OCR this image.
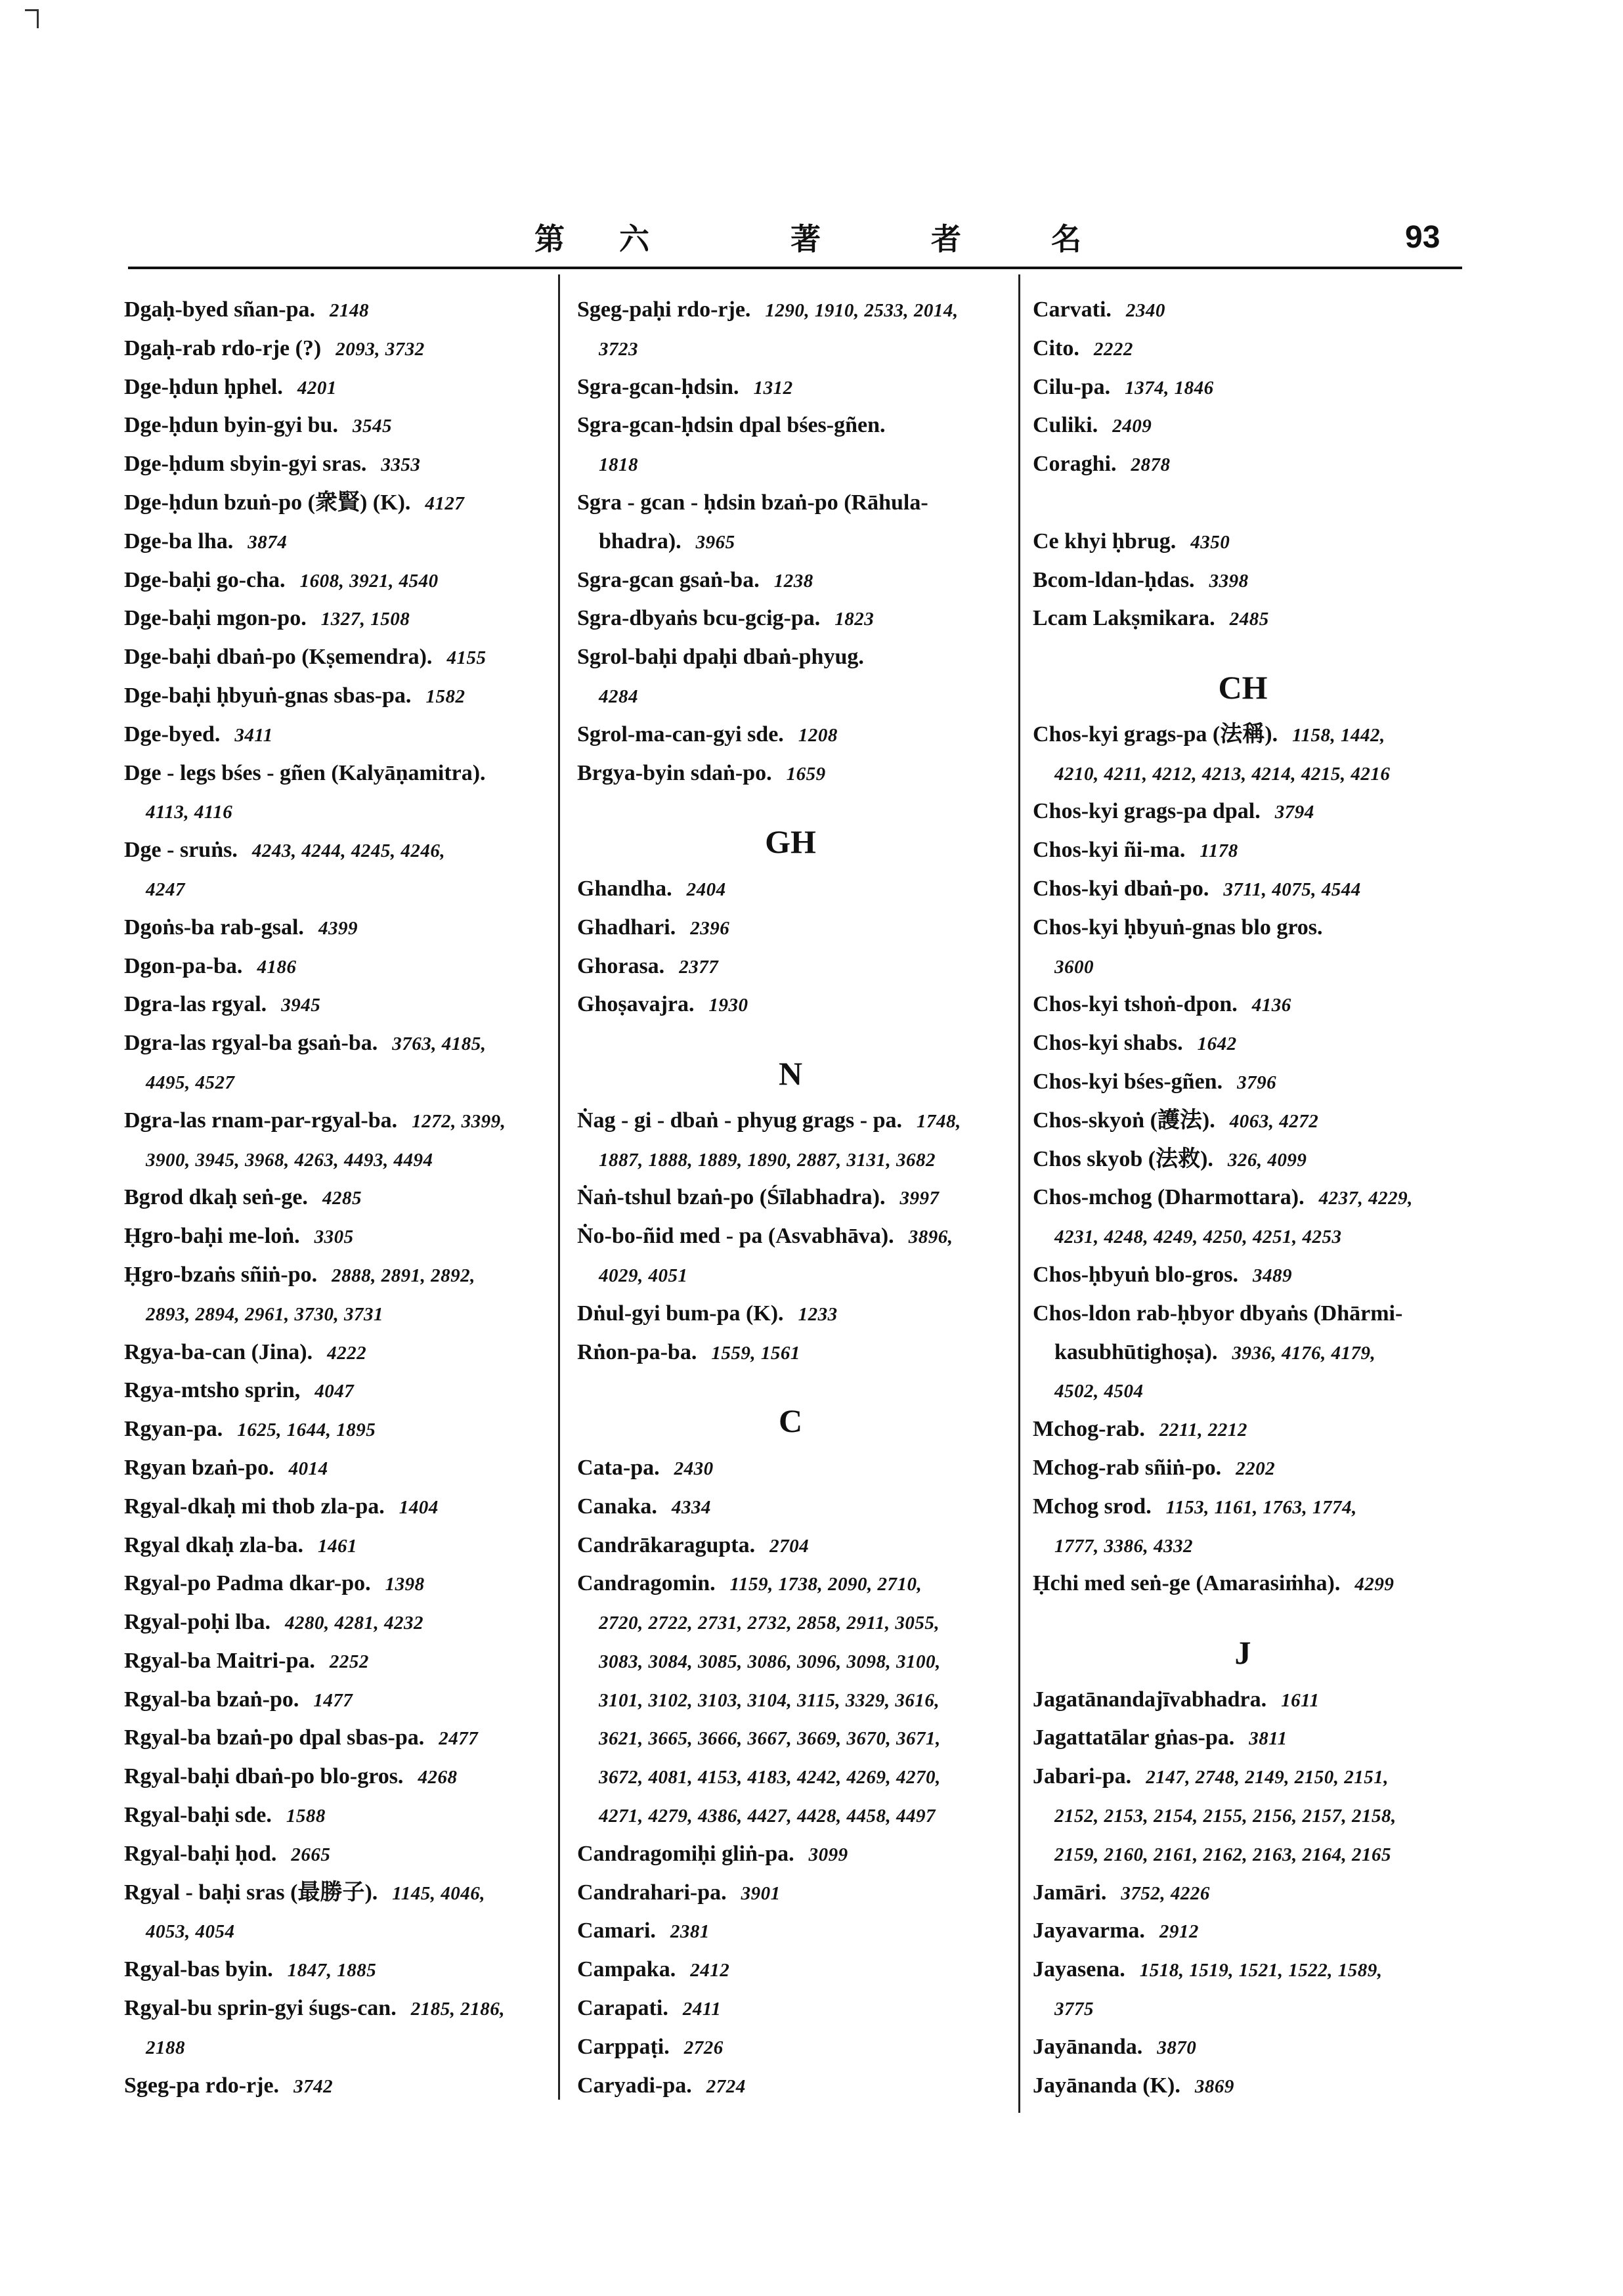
第 六	著	者	名	93
Dgaḥ-byed sñan-pa. 2148
Dgaḥ-rab rdo-rje (?) 2093, 3732
Dge-ḥdun ḥphel. 4201
Dge-ḥdun byin-gyi bu. 3545
Dge-ḥdum sbyin-gyi sras. 3353
Dge-ḥdun bzuṅ-po (衆賢) (K). 4127
Dge-ba lha. 3874
Dge-baḥi go-cha. 1608, 3921, 4540
Dge-baḥi mgon-po. 1327, 1508
Dge-baḥi dbaṅ-po (Kṣemendra). 4155
Dge-baḥi ḥbyuṅ-gnas sbas-pa. 1582
Dge-byed. 3411
Dge - legs bśes - gñen (Kalyāṇamitra).
4113, 4116
Dge - sruṅs. 4243, 4244, 4245, 4246,
4247
Dgoṅs-ba rab-gsal. 4399
Dgon-pa-ba. 4186
Dgra-las rgyal. 3945
Dgra-las rgyal-ba gsaṅ-ba. 3763, 4185,
4495, 4527
Dgra-las rnam-par-rgyal-ba. 1272, 3399,
3900, 3945, 3968, 4263, 4493, 4494
Bgrod dkaḥ seṅ-ge. 4285
Ḥgro-baḥi me-loṅ. 3305
Ḥgro-bzaṅs sñiṅ-po. 2888, 2891, 2892,
2893, 2894, 2961, 3730, 3731
Rgya-ba-can (Jina). 4222
Rgya-mtsho sprin, 4047
Rgyan-pa. 1625, 1644, 1895
Rgyan bzaṅ-po. 4014
Rgyal-dkaḥ mi thob zla-pa. 1404
Rgyal dkaḥ zla-ba. 1461
Rgyal-po Padma dkar-po. 1398
Rgyal-poḥi lba. 4280, 4281, 4232
Rgyal-ba Maitri-pa. 2252
Rgyal-ba bzaṅ-po. 1477
Rgyal-ba bzaṅ-po dpal sbas-pa. 2477
Rgyal-baḥi dbaṅ-po blo-gros. 4268
Rgyal-baḥi sde. 1588
Rgyal-baḥi ḥod. 2665
Rgyal - baḥi sras (最勝子). 1145, 4046,
4053, 4054
Rgyal-bas byin. 1847, 1885
Rgyal-bu sprin-gyi śugs-can. 2185, 2186,
2188
Sgeg-pa rdo-rje. 3742
Sgeg-paḥi rdo-rje. 1290, 1910, 2533, 2014,
3723
Sgra-gcan-ḥdsin. 1312
Sgra-gcan-ḥdsin dpal bśes-gñen.
1818
Sgra - gcan - ḥdsin bzaṅ-po (Rāhula-
bhadra). 3965
Sgra-gcan gsaṅ-ba. 1238
Sgra-dbyaṅs bcu-gcig-pa. 1823
Sgrol-baḥi dpaḥi dbaṅ-phyug.
4284
Sgrol-ma-can-gyi sde. 1208
Brgya-byin sdaṅ-po. 1659
GH
Ghandha. 2404
Ghadhari. 2396
Ghorasa. 2377
Ghoṣavajra. 1930
N
Ṅag - gi - dbaṅ - phyug grags - pa. 1748,
1887, 1888, 1889, 1890, 2887, 3131, 3682
Ṅaṅ-tshul bzaṅ-po (Śīlabhadra). 3997
Ṅo-bo-ñid med - pa (Asvabhāva). 3896,
4029, 4051
Dṅul-gyi bum-pa (K). 1233
Rṅon-pa-ba. 1559, 1561
C
Cata-pa. 2430
Canaka. 4334
Candrākaragupta. 2704
Candragomin. 1159, 1738, 2090, 2710,
2720, 2722, 2731, 2732, 2858, 2911, 3055,
3083, 3084, 3085, 3086, 3096, 3098, 3100,
3101, 3102, 3103, 3104, 3115, 3329, 3616,
3621, 3665, 3666, 3667, 3669, 3670, 3671,
3672, 4081, 4153, 4183, 4242, 4269, 4270,
4271, 4279, 4386, 4427, 4428, 4458, 4497
Candragomiḥi gliṅ-pa. 3099
Candrahari-pa. 3901
Camari. 2381
Campaka. 2412
Carapati. 2411
Carppaṭi. 2726
Caryadi-pa. 2724
Carvati. 2340
Cito. 2222
Cilu-pa. 1374, 1846
Culiki. 2409
Coraghi. 2878
Ce khyi ḥbrug. 4350
Bcom-ldan-ḥdas. 3398
Lcam Lakṣmikara. 2485
CH
Chos-kyi grags-pa (法稱). 1158, 1442,
4210, 4211, 4212, 4213, 4214, 4215, 4216
Chos-kyi grags-pa dpal. 3794
Chos-kyi ñi-ma. 1178
Chos-kyi dbaṅ-po. 3711, 4075, 4544
Chos-kyi ḥbyuṅ-gnas blo gros.
3600
Chos-kyi tshoṅ-dpon. 4136
Chos-kyi shabs. 1642
Chos-kyi bśes-gñen. 3796
Chos-skyoṅ (護法). 4063, 4272
Chos skyob (法救). 326, 4099
Chos-mchog (Dharmottara). 4237, 4229,
4231, 4248, 4249, 4250, 4251, 4253
Chos-ḥbyuṅ blo-gros. 3489
Chos-ldon rab-ḥbyor dbyaṅs (Dhārmi-
kasubhūtighoṣa). 3936, 4176, 4179,
4502, 4504
Mchog-rab. 2211, 2212
Mchog-rab sñiṅ-po. 2202
Mchog srod. 1153, 1161, 1763, 1774,
1777, 3386, 4332
Ḥchi med seṅ-ge (Amarasiṁha). 4299
J
Jagatānandajīvabhadra. 1611
Jagattatālar gṅas-pa. 3811
Jabari-pa. 2147, 2748, 2149, 2150, 2151,
2152, 2153, 2154, 2155, 2156, 2157, 2158,
2159, 2160, 2161, 2162, 2163, 2164, 2165
Jamāri. 3752, 4226
Jayavarma. 2912
Jayasena. 1518, 1519, 1521, 1522, 1589,
3775
Jayānanda. 3870
Jayānanda (K). 3869
